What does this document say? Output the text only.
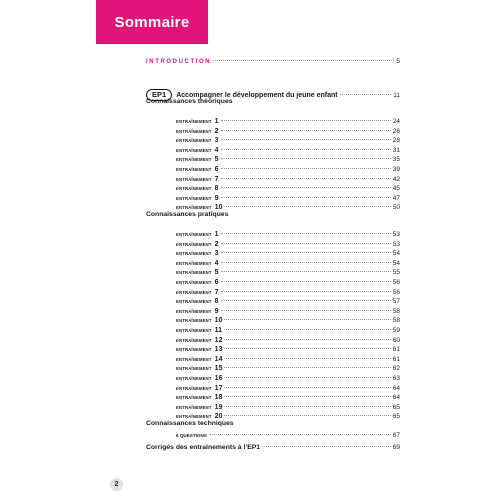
Sommaire
INTRODUCTION	5
EP1 Accompagner le développement du jeune enfant	11
Connaissances théoriques
ENTRAÎNEMENT 1	24
ENTRAÎNEMENT 2	26
ENTRAÎNEMENT 3	28
ENTRAÎNEMENT 4	31
ENTRAÎNEMENT 5	35
ENTRAÎNEMENT 6	39
ENTRAÎNEMENT 7	42
ENTRAÎNEMENT 8	45
ENTRAÎNEMENT 9	47
ENTRAÎNEMENT 10	50
Connaissances pratiques
ENTRAÎNEMENT 1	53
ENTRAÎNEMENT 2	53
ENTRAÎNEMENT 3	54
ENTRAÎNEMENT 4	54
ENTRAÎNEMENT 5	55
ENTRAÎNEMENT 6	56
ENTRAÎNEMENT 7	56
ENTRAÎNEMENT 8	57
ENTRAÎNEMENT 9	58
ENTRAÎNEMENT 10	58
ENTRAÎNEMENT 11	59
ENTRAÎNEMENT 12	60
ENTRAÎNEMENT 13	61
ENTRAÎNEMENT 14	61
ENTRAÎNEMENT 15	62
ENTRAÎNEMENT 16	63
ENTRAÎNEMENT 17	64
ENTRAÎNEMENT 18	64
ENTRAÎNEMENT 19	65
ENTRAÎNEMENT 20	65
Connaissances techniques
6 QUESTIONS	67
Corrigés des entraînements à l’EP1	69
2
